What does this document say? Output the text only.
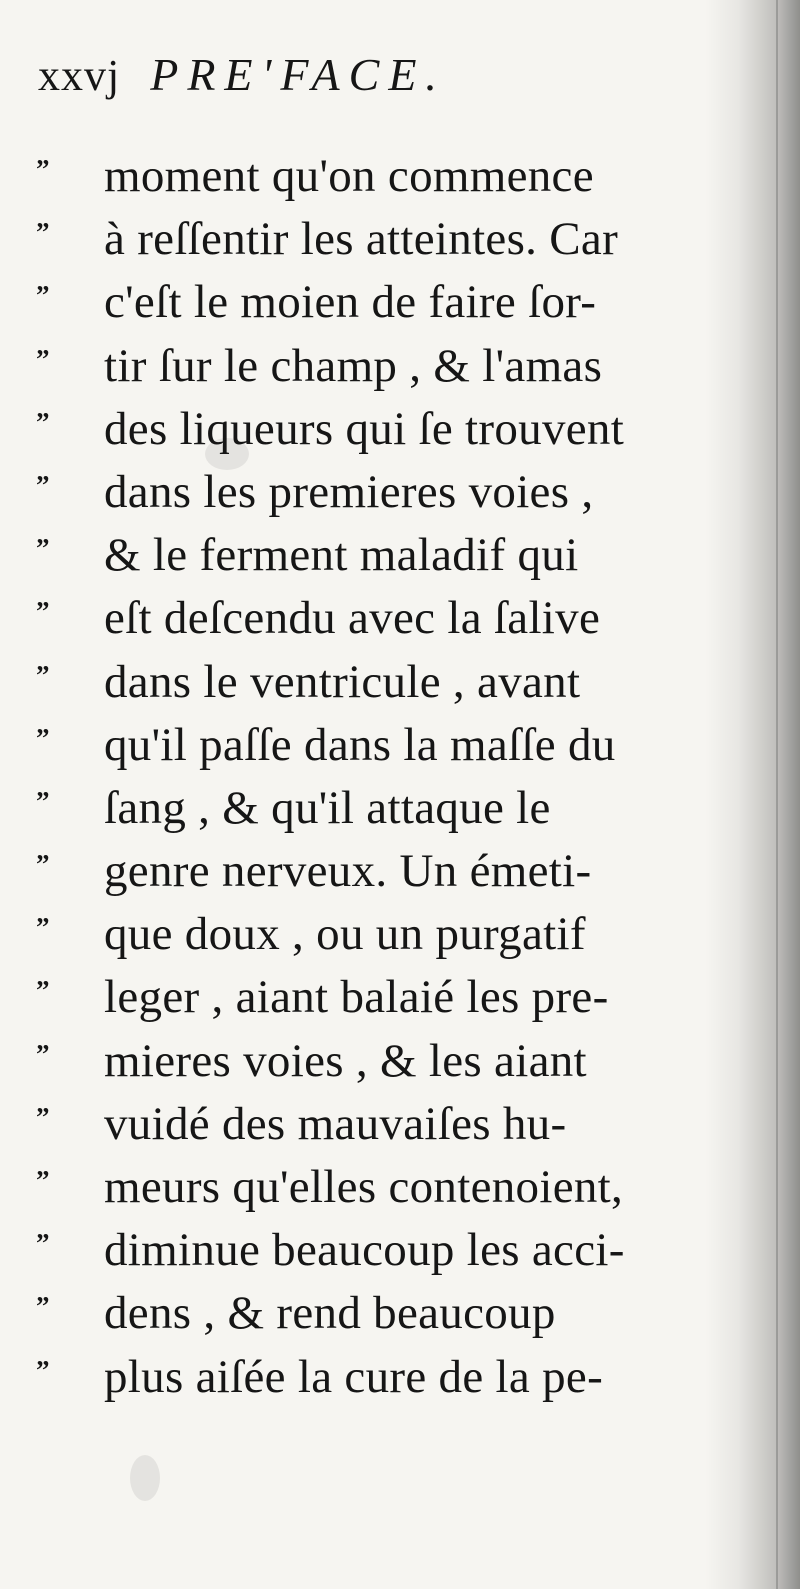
xxvj PRE'FACE.
”	moment qu'on commence
”	à reſſentir les atteintes. Car
”	c'eſt le moien de faire ſor-
”	tir ſur le champ , & l'amas
”	des liqueurs qui ſe trouvent
”	dans les premieres voies ,
”	& le ferment maladif qui
”	eſt deſcendu avec la ſalive
”	dans le ventricule , avant
”	qu'il paſſe dans la maſſe du
”	ſang , & qu'il attaque le
”	genre nerveux. Un émeti-
”	que doux , ou un purgatif
”	leger , aiant balaié les pre-
”	mieres voies , & les aiant
”	vuidé des mauvaiſes hu-
”	meurs qu'elles contenoient,
”	diminue beaucoup les acci-
”	dens , & rend beaucoup
”	plus aiſée la cure de la pe-
